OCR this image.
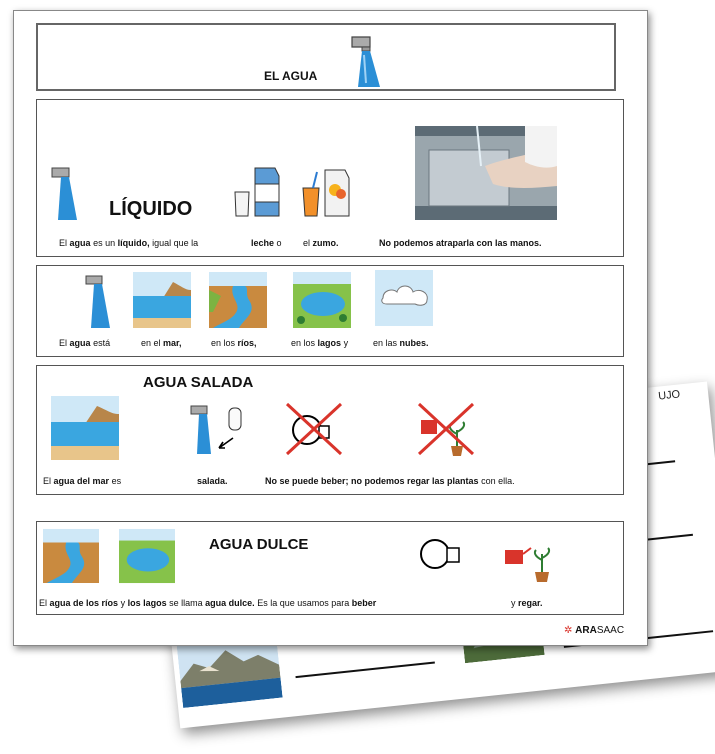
UJO
EL AGUA
LÍQUIDO
El agua es un líquido, igual que la	leche o el zumo.	No podemos atraparla con las manos.
El agua está	en el mar,	en los ríos,	en los lagos y	en las nubes.
AGUA SALADA
El agua del mar es	salada.	No se puede beber; no podemos regar las plantas con ella.
AGUA DULCE
El agua de los ríos y los lagos se llama agua dulce. Es la que usamos para beber	y regar.
✲ ARASAAC
